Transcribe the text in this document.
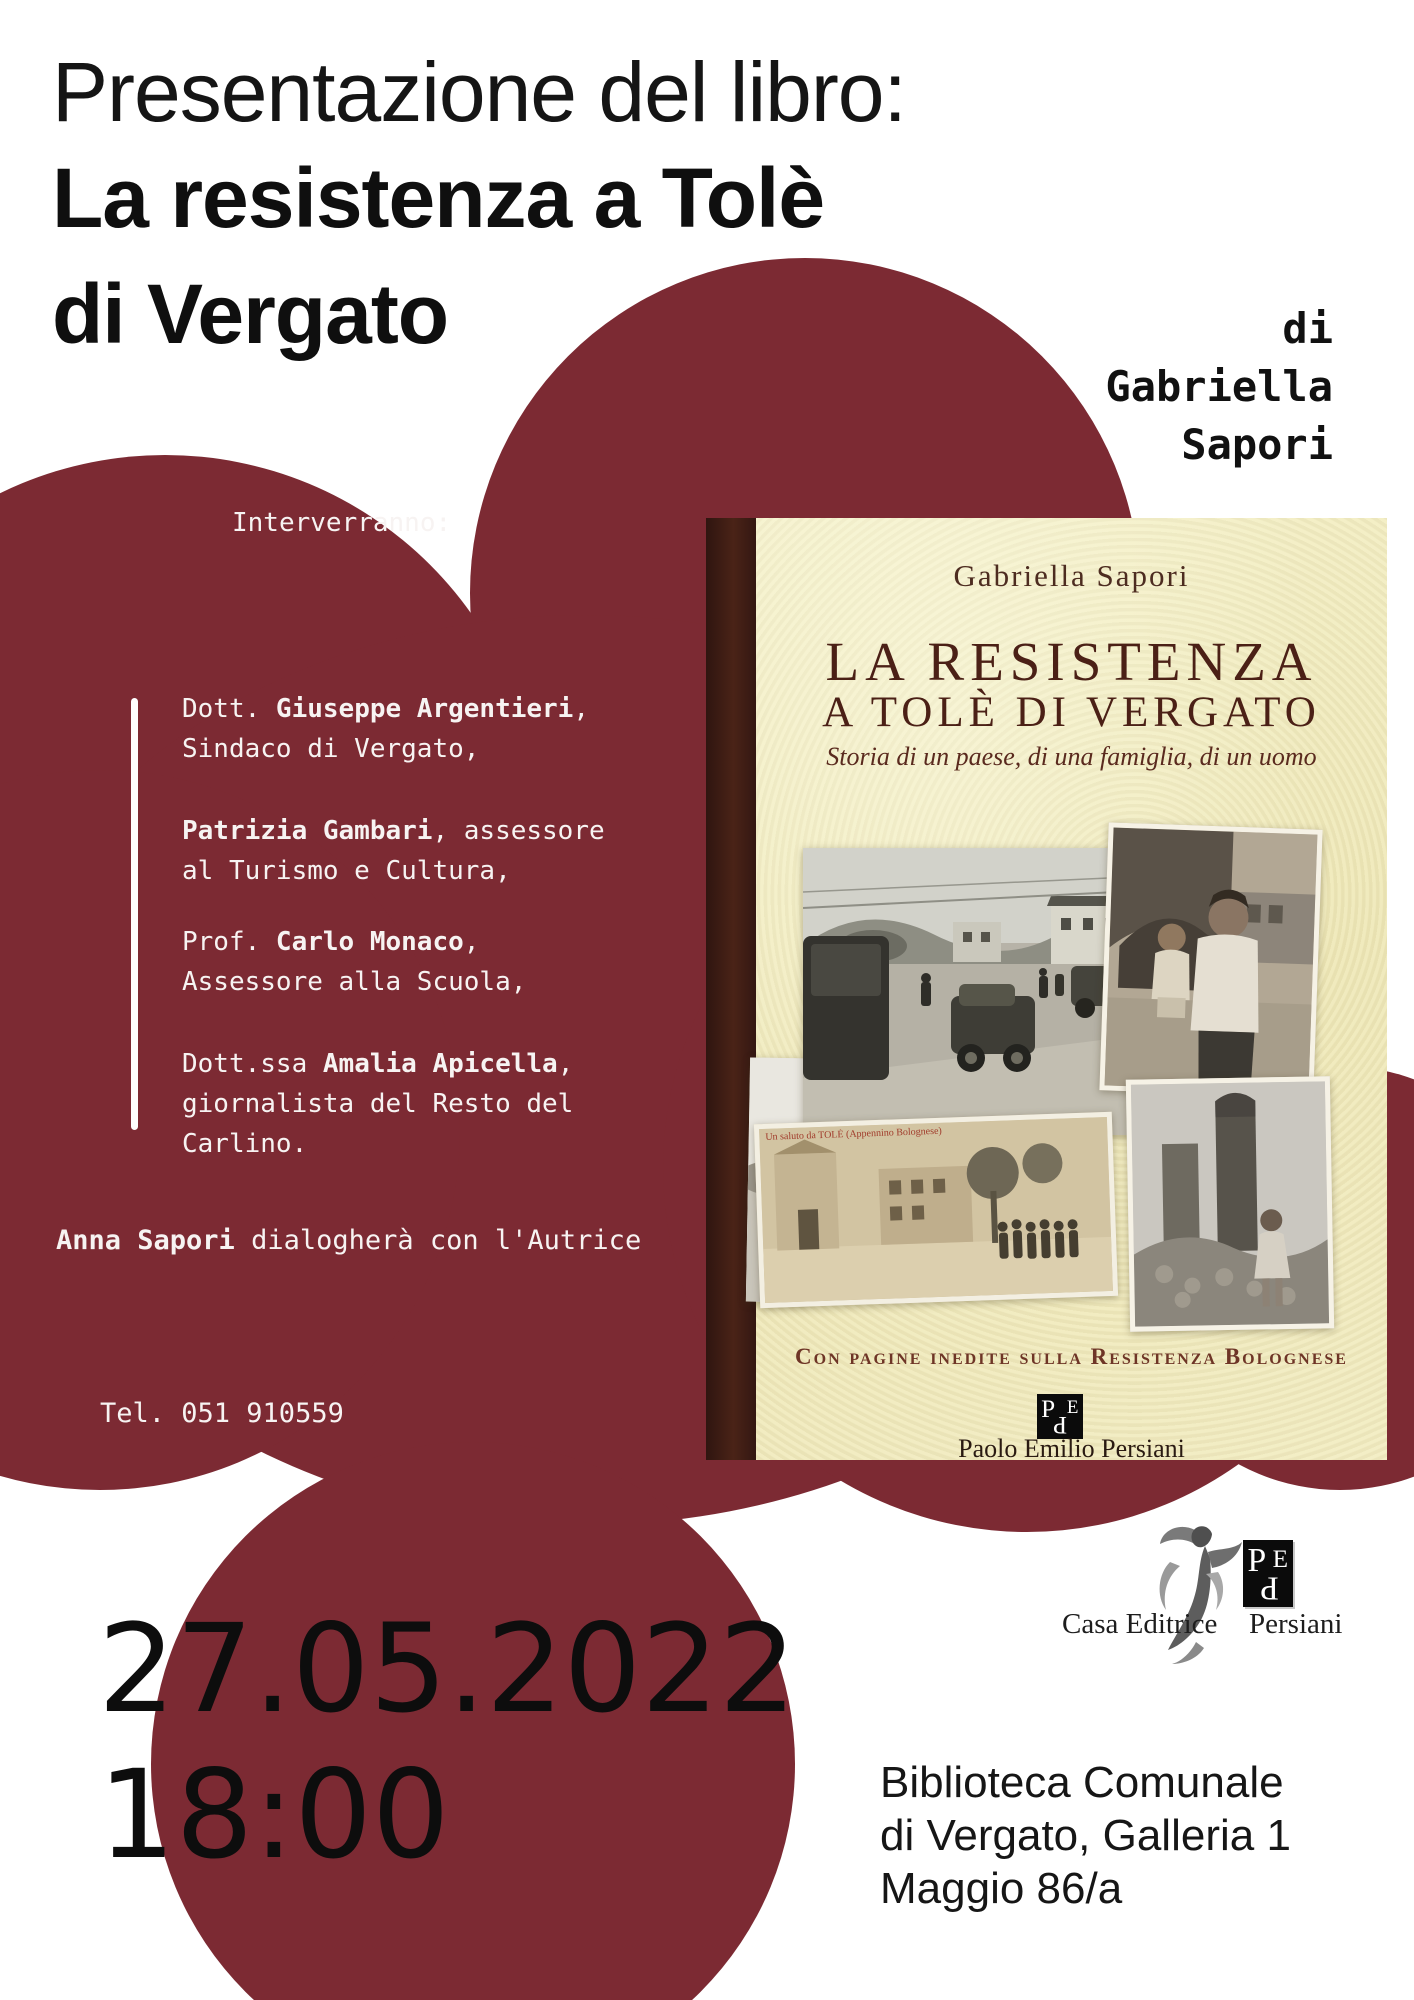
Presentazione del libro:
La resistenza a Tolè
di Vergato	di
Gabriella
Sapori
Interverranno:
Dott. Giuseppe Argentieri,
Sindaco di Vergato,
Patrizia Gambari, assessore
al Turismo e Cultura,
Prof. Carlo Monaco,
Assessore alla Scuola,
Dott.ssa Amalia Apicella,
giornalista del Resto del
Carlino.
Anna Sapori dialogherà con l'Autrice
Tel. 051 910559
27.05.2022
18:00	Biblioteca Comunale
di Vergato, Galleria 1
Maggio 86/a
Gabriella Sapori
LA RESISTENZA
A TOLÈ DI VERGATO
Storia di un paese, di una famiglia, di un uomo
Un saluto da TOLÈ (Appennino Bolognese)
Con pagine inedite sulla Resistenza Bolognese
P E
P
Paolo Emilio Persiani
P E
P
Casa Editrice Persiani
